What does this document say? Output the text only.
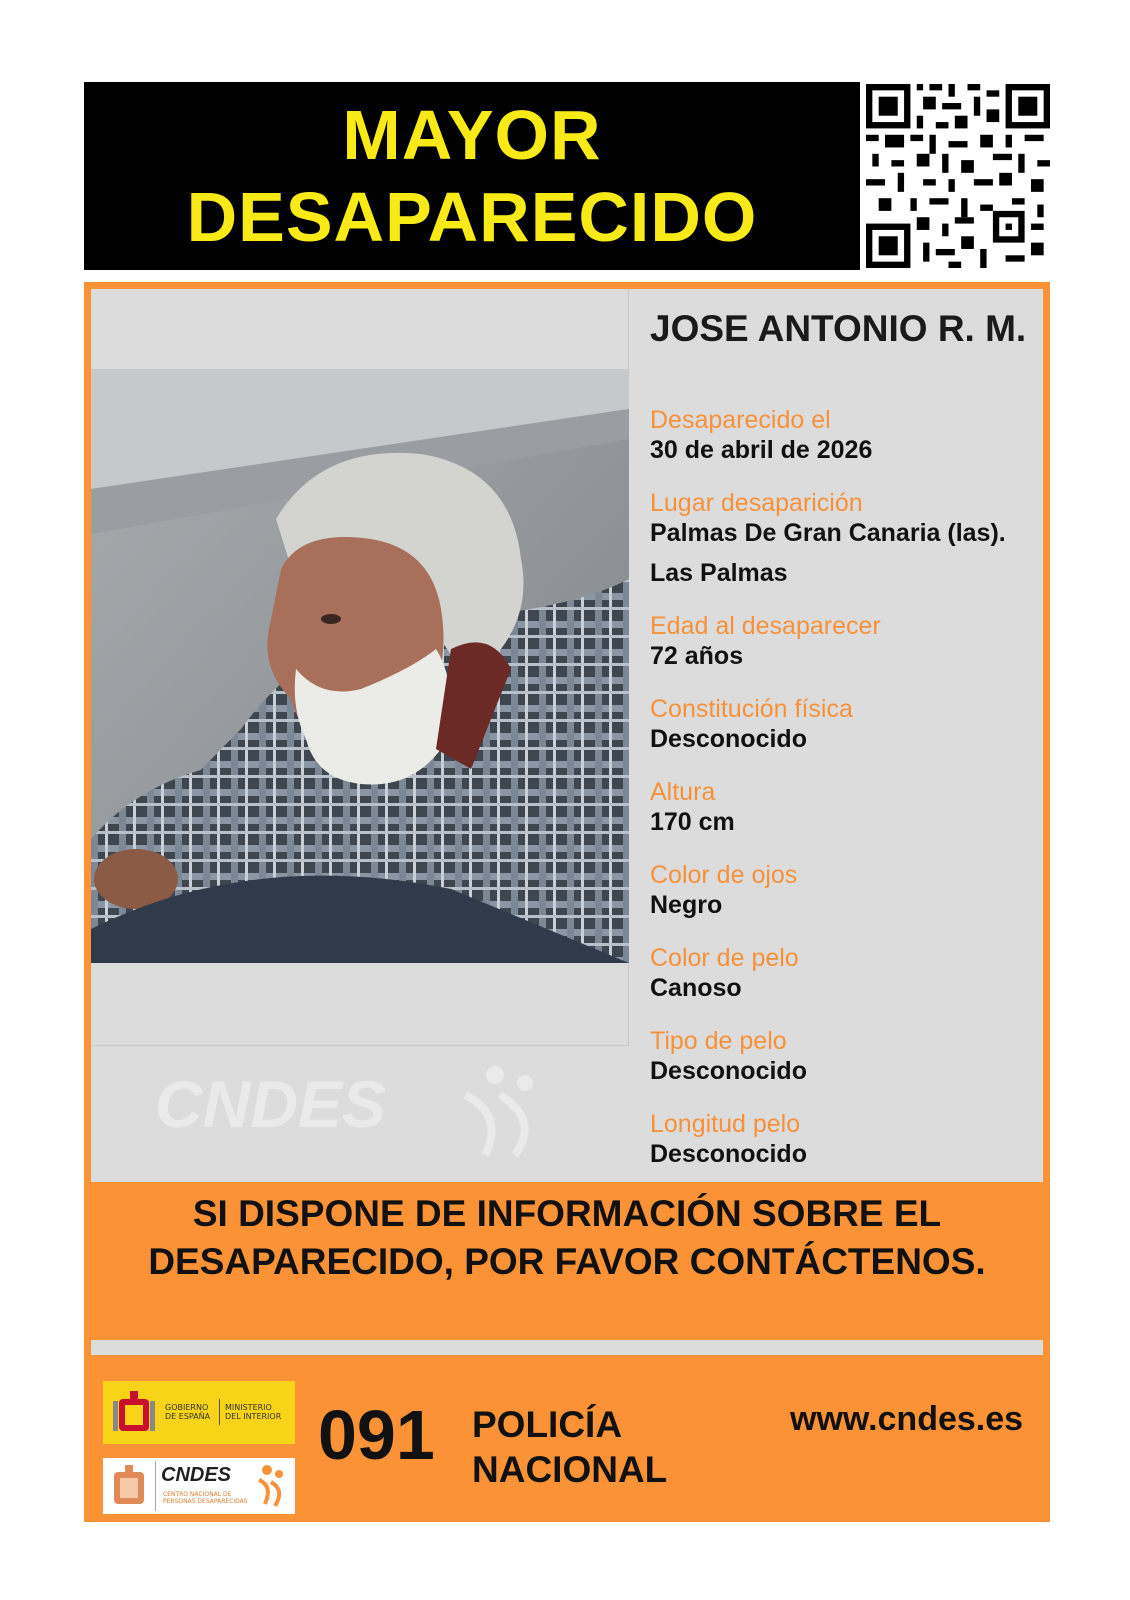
MAYOR
DESAPARECIDO
CNDES
JOSE ANTONIO R. M.
Desaparecido el
30 de abril de 2026
Lugar desaparición
Palmas De Gran Canaria (las).
Las Palmas
Edad al desaparecer
72 años
Constitución física
Desconocido
Altura
170 cm
Color de ojos
Negro
Color de pelo
Canoso
Tipo de pelo
Desconocido
Longitud pelo
Desconocido
SI DISPONE DE INFORMACIÓN SOBRE EL
DESAPARECIDO, POR FAVOR CONTÁCTENOS.
GOBIERNO
DE ESPAÑA
MINISTERIO
DEL INTERIOR
CNDES
CENTRO NACIONAL DE
PERSONAS DESAPARECIDAS
091 POLICÍA
NACIONAL
www.cndes.es
